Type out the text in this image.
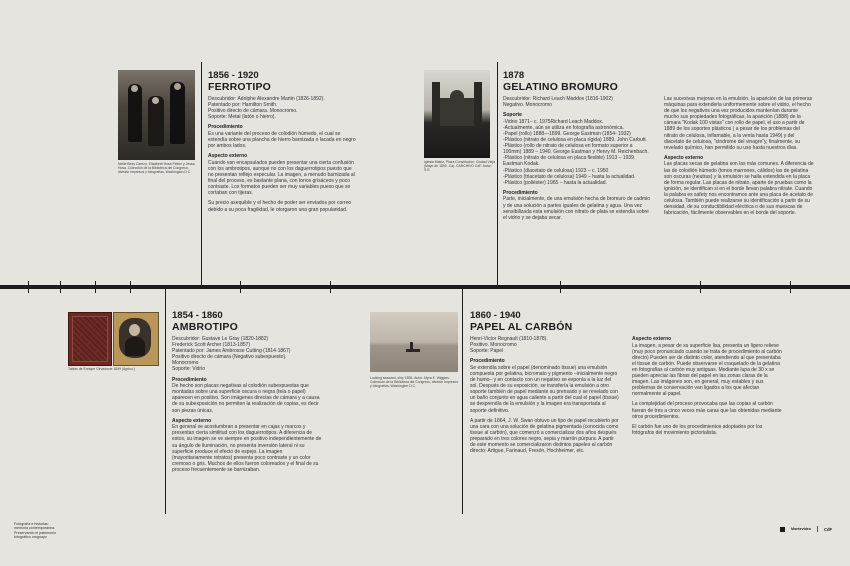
Nellie Bess Carrizo, Elizabeth Hosa Pelton y Jessa Hosa. Colección de la Biblioteca del Congreso, división Impresos y fotografías, Washington D.C.
1856 - 1920
FERROTIPO

Descubridor: Adolphe Alexandre Martin (1826-1892).
Patentado por: Hamilton Smith.
Positivo directo de cámara. Monocromo.
Soporte: Metal (latón o hierro).

Procedimiento
Es una variante del proceso de colodión húmedo, el cual se extendía sobre una plancha de hierro barnizada o lacada en negro por ambos lados.

Aspecto externo
Cuando van encapsulados pueden presentar una cierta confusión con los ambrotipos, aunque no con los daguerrotipos puesto que no presentan reflejo especular. La imagen, a menudo barnizada al final del proceso, es bastante plana, con tonos grisáceos y poco contraste. Los formatos pueden ser muy variables pueso que se cortaban con tijeras.

Su precio asequible y el hecho de poder ser enviados por correo debido a su poca fragilidad, le otorgaron una gran popularidad.

Iglesia Matriz, Plaza Constitución. Ciudad Vieja (Mayo de 1890 -Ca). ©ARCHIVO CdF. Autor: S.E.
1878
GELATINO BROMURO

Descubridor: Richard Leach Maddox (1816-1902)
Negativo. Monocromo

Soporte
-Vidrio 1871– c. 1975Richard Leach Maddox.
-Actualmente, aún se utiliza en fotografía astronómica.
-Papel (rollo) 1888—1899. George Eastman (1854- 1932)
-Plástico (nitrato de celulosa en placa rígida) 1889. John Carbutt.
-Plástico (rollo de nitrato de celulosa en formato superior a 100mm) 1889 – 1940. George Eastman y Henry M. Reichenbach.
-Plástico (nitrato de celulosa en placa flexible) 1913 – 1939. Eastman Kodak.
-Plástico (diacetato de celulosa) 1923 – c. 1950
-Plástico (triacetato de celulosa) 1949 – hasta la actualidad.
-Plástico (poliéster) 1965 – hasta la actualidad.

Procedimiento
Parte, inicialmente, de una emulsión hecha de bromuro de cadmio y de una solución a partes iguales de gelatina y agua. Una vez sensibilizada esta emulsión con nitrato de plata se extendía sobre el vidrio y se dejaba secar.

Las sucesivas mejoras en la emulsión, la aparición de las primeras máquinas para extenderla uniformemente sobre el vidrio, el hecho de que los negativos una vez producidos mantenían durante mucho sus propiedades fotográficas, la aparición (1888) de la cámara "Kodak 100 vistas" con rollo de papel, el uso a partir de 1889 de los soportes plásticos ( a pesar de los problemas del nitrato de celulosa, inflamable, a la venta hasta 1949) y del diacetato de celulosa, "síndrome del vinagre"y, finalmente, su revelado químico, han permitido su uso hasta nuestros días.

Aspecto externo
Las placas secas de gelatina son las más comunes. A diferencia de las de colodión húmedo (tonos marrones, cálidos) las de gelatina son oscuras (neutras) y la emulsión se halla extendida en la placa de forma regular. Las placas de nitrato, aparte de pruebas como la ignición, se identifican si en el borde llevan palabra nitrate. Cuando la palabra es safety nos encontramos ante una placa de acetato de celulosa. También puede realizarse su identificación a partir de su densidad, de su conductibilidad eléctrica o de sus muescas de fabricación, fácilmente observables en el borde del soporte.

Tablas de Enrique Girvadoule 1859 (Agricu.)
1854 - 1860
AMBROTIPO

Descubridor: Gustave Le Gray (1820-1882)
Frederick Scott Archer (1813-1857)
Patentado por: James Ambrosse Cutting (1814-1867)
Positivo directo de cámara (Negativo subexpuesto).
Monocromo
Soporte: Vidrio

Procedimiento
De hecho son placas negativas al colodión subexpuestas que montadas sobre una superficie oscura o negra (tela o papel) aparecen en positivo. Son imágenes directas de cámara y a causa de su subexposición no permiten la realización de copias, es decir son piezas únicas.

Aspecto externo
En general se acostumbran a presentar en cajas y marcos y presentan cierta similitud con los daguerrotipos. A diferencia de estos, su imagen se ve siempre en positivo independientemente de su ángulo de iluminación, no presenta inversión lateral ni su superficie produce el efecto de espejo. La imagen (mayoritariamente retratos) presenta poco contraste y un color cremoso o gris. Muchos de ellos fueron coloreados y el final de su proceso frecuentemente se barnizaban.

Looking seaward, ship 1895- Autor: Myra E. Wiggins. Colección de la Biblioteca del Congreso, división Impresos y fotografías, Washington D.C.
1860 - 1940
PAPEL AL CARBÓN

Henri-Victor Regnault (1810-1878).
Positivo. Monocromo
Soporte: Papel

Procedimiento
Se extendía sobre el papel (denominado tissue) una emulsión compuesta por gelatina, bicromato y pigmento –inicialmente negro de humo– y en contacto con un negativo se exponía a la luz del sol. Después de su exposición, se transfería la emulsión a otro soporte también de papel mediante su prensado y se revelado con un baño conjunto en agua caliente a partir del cual el papel (tissue) se desprendía de la emulsión y la imagen era transportada al soporte definitivo.

A partir de 1864, J. W. Swan obtuvo un tipo de papel recubierto por una cara con una solución de gelatina pigmentada (conocida como tissue al carbón), que comenzó a comercializar dos años después preparado en tres colores negro, sepia y marrón púrpura. A partir de este momento se comercializaron distintos papeles al carbón directo: Artigue, Farinaud, Fresón, Hochheimer, etc.

Aspecto externo
La imagen, a pesar de su superficie lisa, presenta un ligero relieve (muy poco pronunciado cuando se trata de procedimiento al carbón directo) Pueden ser de distinto color, atendiendo al que presentaba el tissue de carbón. Puede observarse el craquelado de la gelatina en fotografías al carbón muy antiguas. Mediante lupa de 30 x se pueden apreciar las fibras del papel en las zonas claras de la imagen. Las imágenes son, en general, muy estables y sus problemas de conservación van ligados a los que afectan normalmente al papel.

La complejidad del proceso provocaba que las copias al carbón fueran de tres a cinco veces más caras que las obtenidas mediante otros procedimientos.

El carbón fue uno de los procedimientos adoptados por los fotógrafos del movimiento pictorialista.

Fotografía e historias:
memoria contemporánea.
Preservando el patrimonio
fotográfico uruguayo
Montevideo	CdF
